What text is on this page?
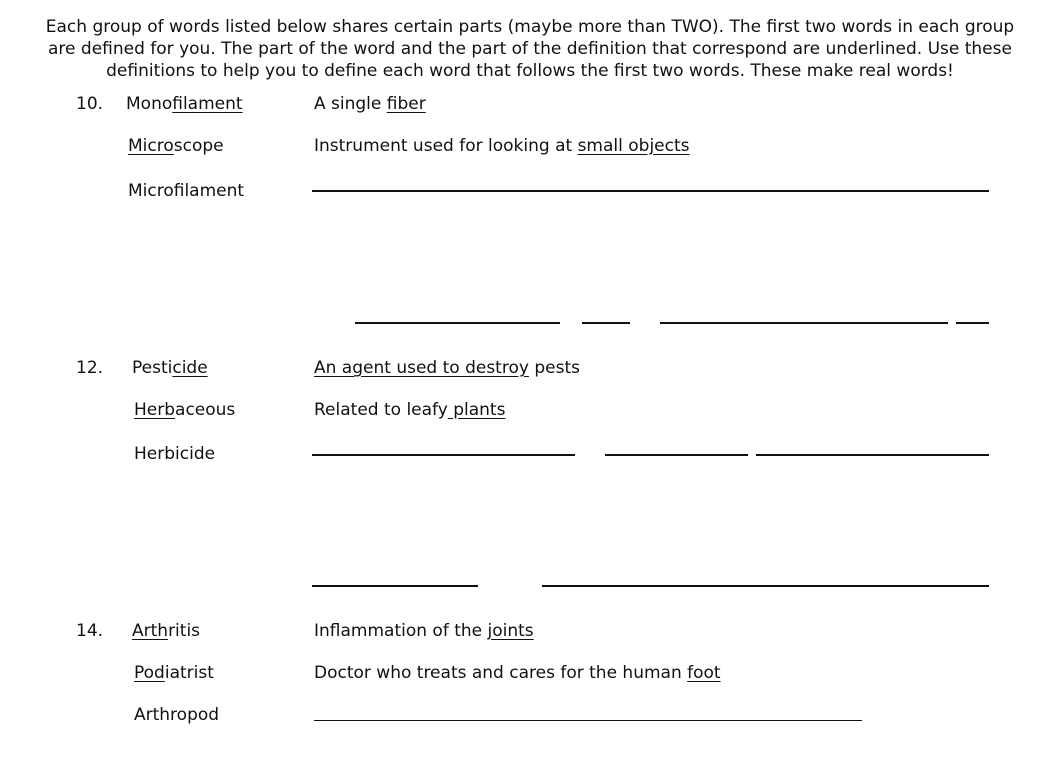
Each group of words listed below shares certain parts (maybe more than TWO). The first two words in each group are defined for you. The part of the word and the part of the definition that correspond are underlined. Use these definitions to help you to define each word that follows the first two words. These make real words!

10. Monofilament	A single fiber
Microscope	Instrument used for looking at small objects
Microfilament
12. Pesticide	An agent used to destroy pests
Herbaceous	Related to leafy plants
Herbicide
14. Arthritis	Inflammation of the joints
Podiatrist	Doctor who treats and cares for the human foot
Arthropod
